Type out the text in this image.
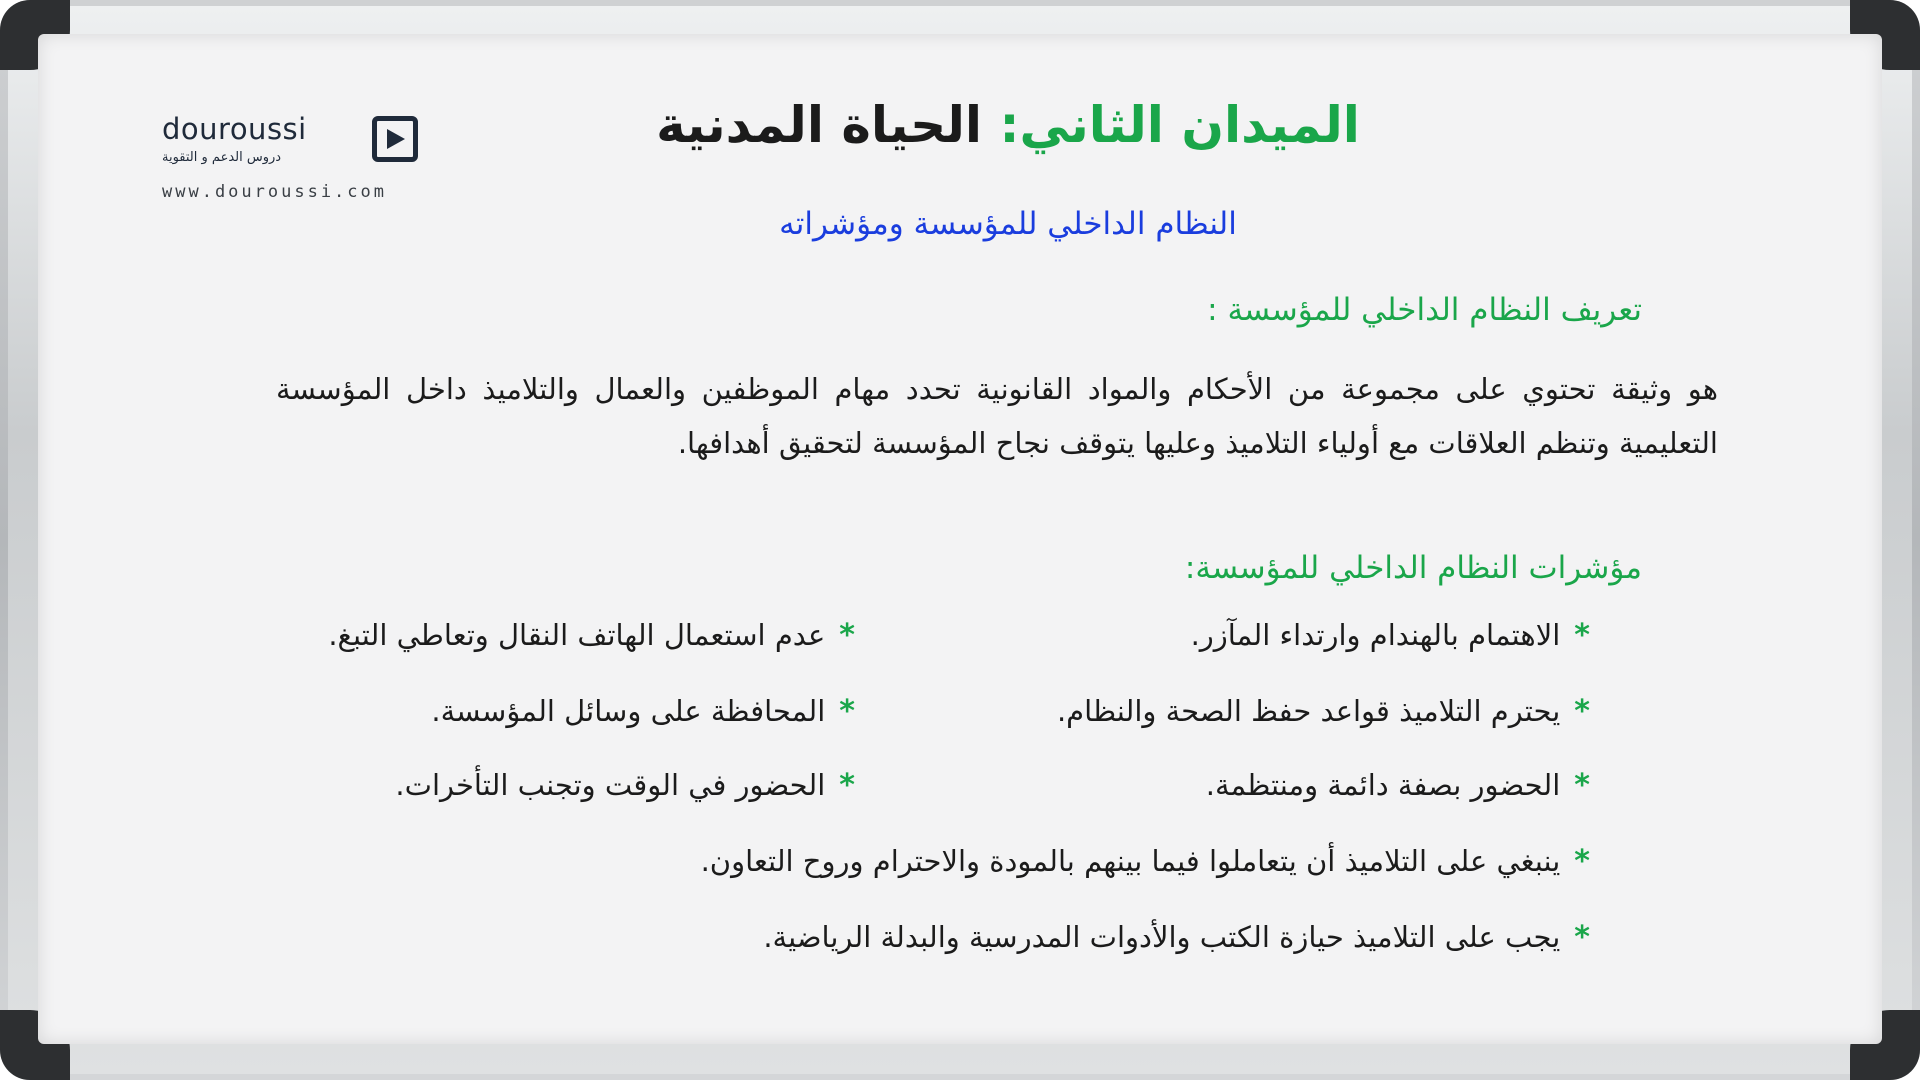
douroussi
دروس الدعم و التقوية
www.douroussi.com
الميدان الثاني: الحياة المدنية
النظام الداخلي للمؤسسة ومؤشراته
تعريف النظام الداخلي للمؤسسة :
هو وثيقة تحتوي على مجموعة من الأحكام والمواد القانونية تحدد مهام الموظفين والعمال والتلاميذ داخل المؤسسة التعليمية وتنظم العلاقات مع أولياء التلاميذ وعليها يتوقف نجاح المؤسسة لتحقيق أهدافها.
مؤشرات النظام الداخلي للمؤسسة:
*الاهتمام بالهندام وارتداء المآزر.
*يحترم التلاميذ قواعد حفظ الصحة والنظام.
*الحضور بصفة دائمة ومنتظمة.
*عدم استعمال الهاتف النقال وتعاطي التبغ.
*المحافظة على وسائل المؤسسة.
*الحضور في الوقت وتجنب التأخرات.
*ينبغي على التلاميذ أن يتعاملوا فيما بينهم بالمودة والاحترام وروح التعاون.
*يجب على التلاميذ حيازة الكتب والأدوات المدرسية والبدلة الرياضية.
